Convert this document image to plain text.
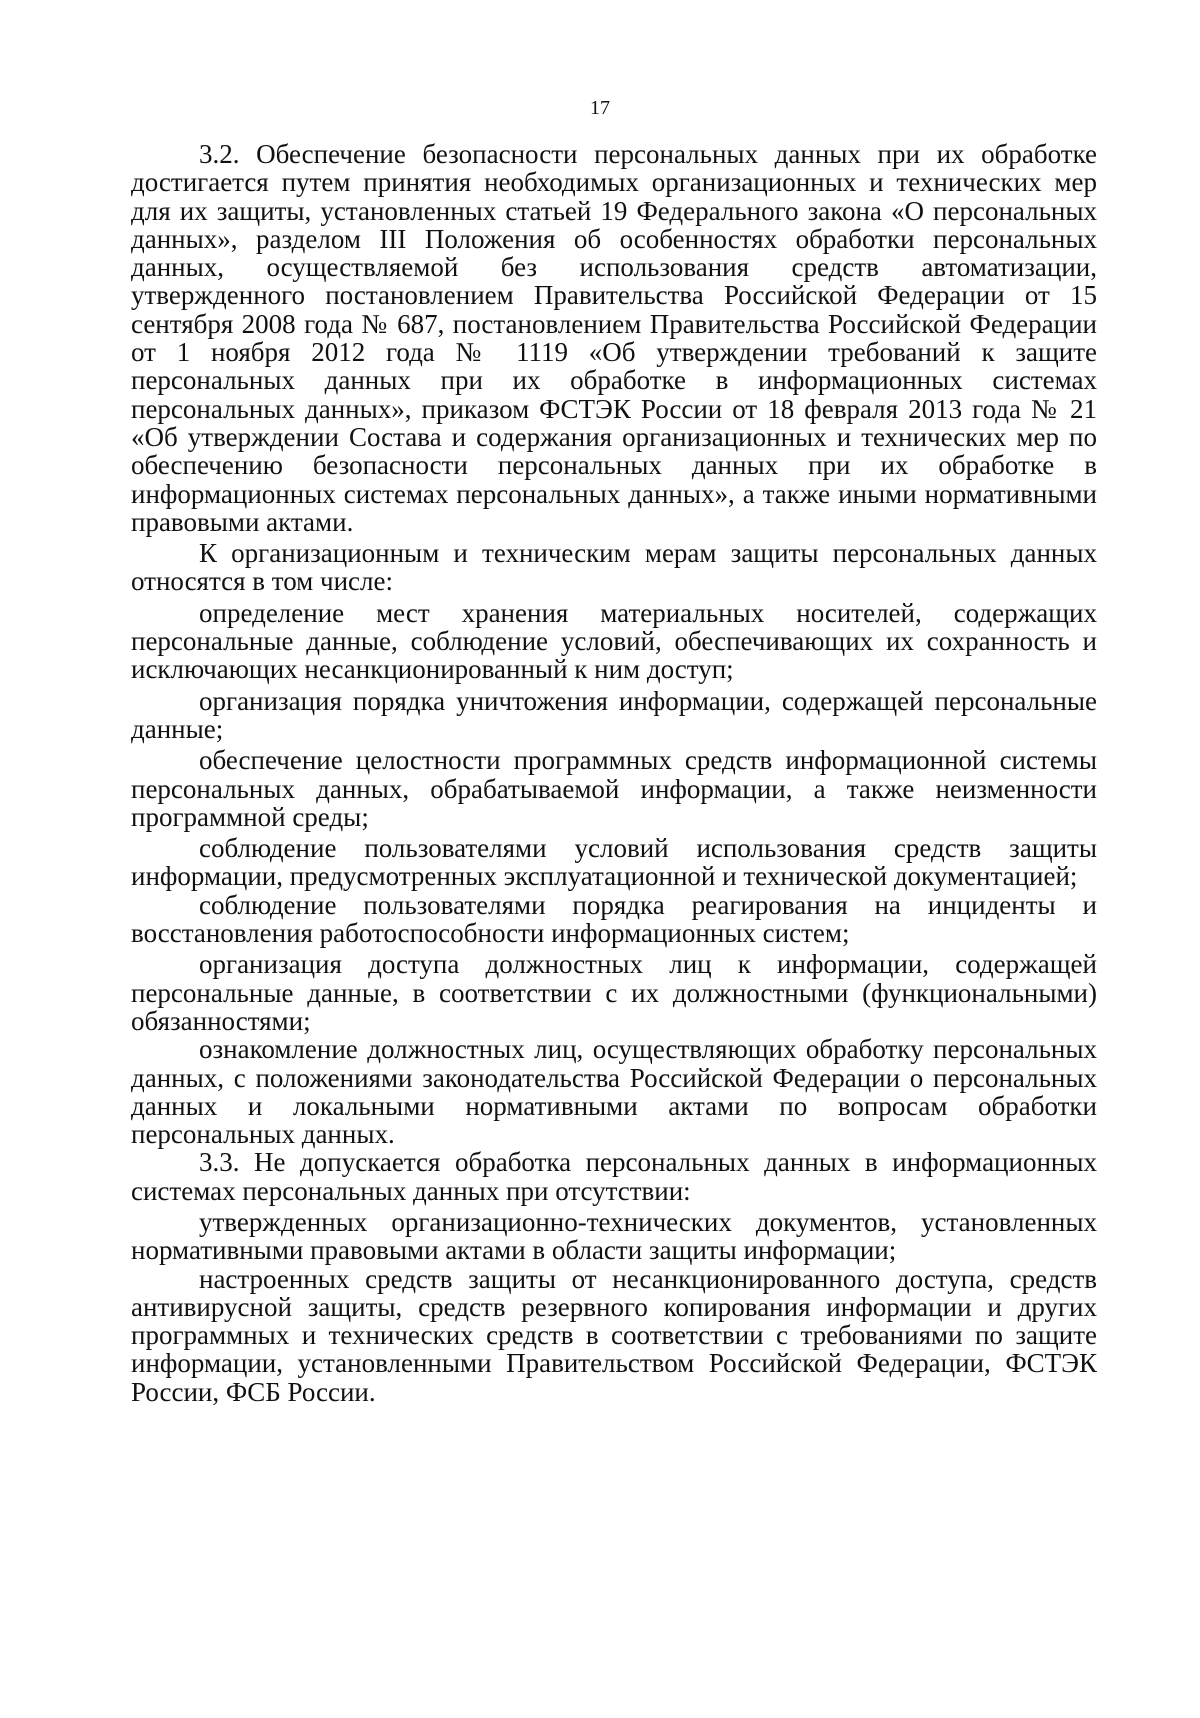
17

3.2. Обеспечение безопасности персональных данных при их обработке достигается путем принятия необходимых организационных и технических мер для их защиты, установленных статьей 19 Федерального закона «О персональных данных», разделом III Положения об особенностях обработки персональных данных, осуществляемой без использования средств автоматизации, утвержденного постановлением Правительства Российской Федерации от 15 сентября 2008 года № 687, постановлением Правительства Российской Федерации от 1 ноября 2012 года № 1119 «Об утверждении требований к защите персональных данных при их обработке в информационных системах персональных данных», приказом ФСТЭК России от 18 февраля 2013 года № 21 «Об утверждении Состава и содержания организационных и технических мер по обеспечению безопасности персональных данных при их обработке в информационных системах персональных данных», а также иными нормативными правовыми актами.

К организационным и техническим мерам защиты персональных данных относятся в том числе:

определение мест хранения материальных носителей, содержащих персональные данные, соблюдение условий, обеспечивающих их сохранность и исключающих несанкционированный к ним доступ;

организация порядка уничтожения информации, содержащей персональные данные;

обеспечение целостности программных средств информационной системы персональных данных, обрабатываемой информации, а также неизменности программной среды;

соблюдение пользователями условий использования средств защиты информации, предусмотренных эксплуатационной и технической документацией;

соблюдение пользователями порядка реагирования на инциденты и восстановления работоспособности информационных систем;

организация доступа должностных лиц к информации, содержащей персональные данные, в соответствии с их должностными (функциональными) обязанностями;

ознакомление должностных лиц, осуществляющих обработку персональных данных, с положениями законодательства Российской Федерации о персональных данных и локальными нормативными актами по вопросам обработки персональных данных.

3.3. Не допускается обработка персональных данных в информационных системах персональных данных при отсутствии:

утвержденных организационно-технических документов, установленных нормативными правовыми актами в области защиты информации;

настроенных средств защиты от несанкционированного доступа, средств антивирусной защиты, средств резервного копирования информации и других программных и технических средств в соответствии с требованиями по защите информации, установленными Правительством Российской Федерации, ФСТЭК России, ФСБ России.
